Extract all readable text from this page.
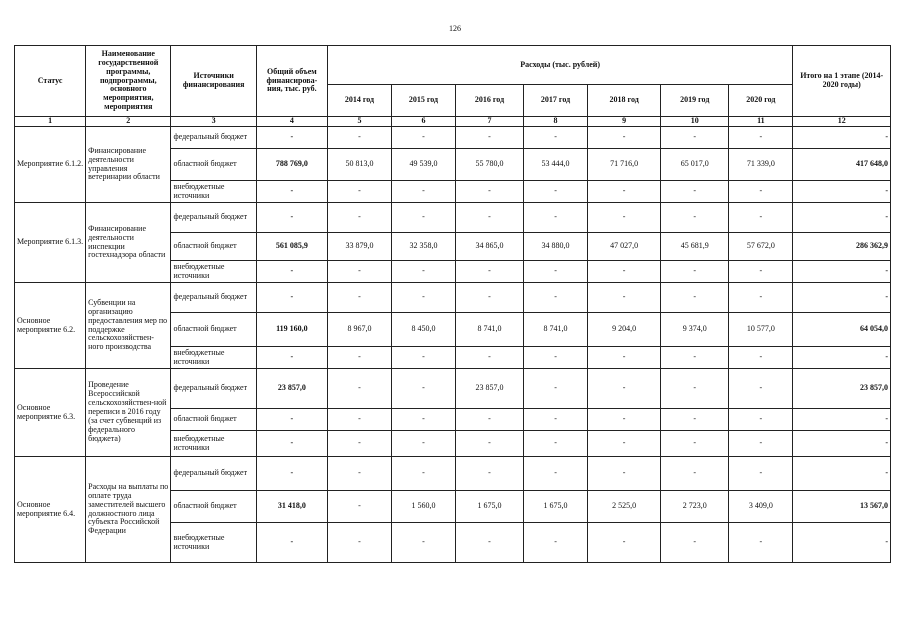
126
Статус	Наименование государственной программы, подпрограммы, основного мероприятия, мероприятия	Источники финансирования	Общий объем финансирова-ния, тыс. руб.	Расходы (тыс. рублей)							Итого на 1 этапе (2014-2020 годы)
				2014 год	2015 год	2016 год	2017 год	2018 год	2019 год	2020 год	
1	2	3	4	5	6	7	8	9	10	11	12
Мероприятие 6.1.2.	Финансирование деятельности управления ветеринарии области	федеральный бюджет	-	-	-	-	-	-	-	-	-
		областной бюджет	788 769,0	50 813,0	49 539,0	55 780,0	53 444,0	71 716,0	65 017,0	71 339,0	417 648,0
		внебюджетные источники	-	-	-	-	-	-	-	-	-
Мероприятие 6.1.3.	Финансирование деятельности инспекции гостехнадзора области	федеральный бюджет	-	-	-	-	-	-	-	-	-
		областной бюджет	561 085,9	33 879,0	32 358,0	34 865,0	34 880,0	47 027,0	45 681,9	57 672,0	286 362,9
		внебюджетные источники	-	-	-	-	-	-	-	-	-
Основное мероприятие 6.2.	Субвенции на организацию предоставления мер по поддержке сельскохозяйствен-ного производства	федеральный бюджет	-	-	-	-	-	-	-	-	-
		областной бюджет	119 160,0	8 967,0	8 450,0	8 741,0	8 741,0	9 204,0	9 374,0	10 577,0	64 054,0
		внебюджетные источники	-	-	-	-	-	-	-	-	-
Основное мероприятие 6.3.	Проведение Всероссийской сельскохозяйствен-ной переписи в 2016 году (за счет субвенций из федерального бюджета)	федеральный бюджет	23 857,0	-	-	23 857,0	-	-	-	-	23 857,0
		областной бюджет	-	-	-	-	-	-	-	-	-
		внебюджетные источники	-	-	-	-	-	-	-	-	-
Основное мероприятие 6.4.	Расходы на выплаты по оплате труда заместителей высшего должностного лица субъекта Российской Федерации	федеральный бюджет	-	-	-	-	-	-	-	-	-
		областной бюджет	31 418,0	-	1 560,0	1 675,0	1 675,0	2 525,0	2 723,0	3 409,0	13 567,0
		внебюджетные источники	-	-	-	-	-	-	-	-	-
